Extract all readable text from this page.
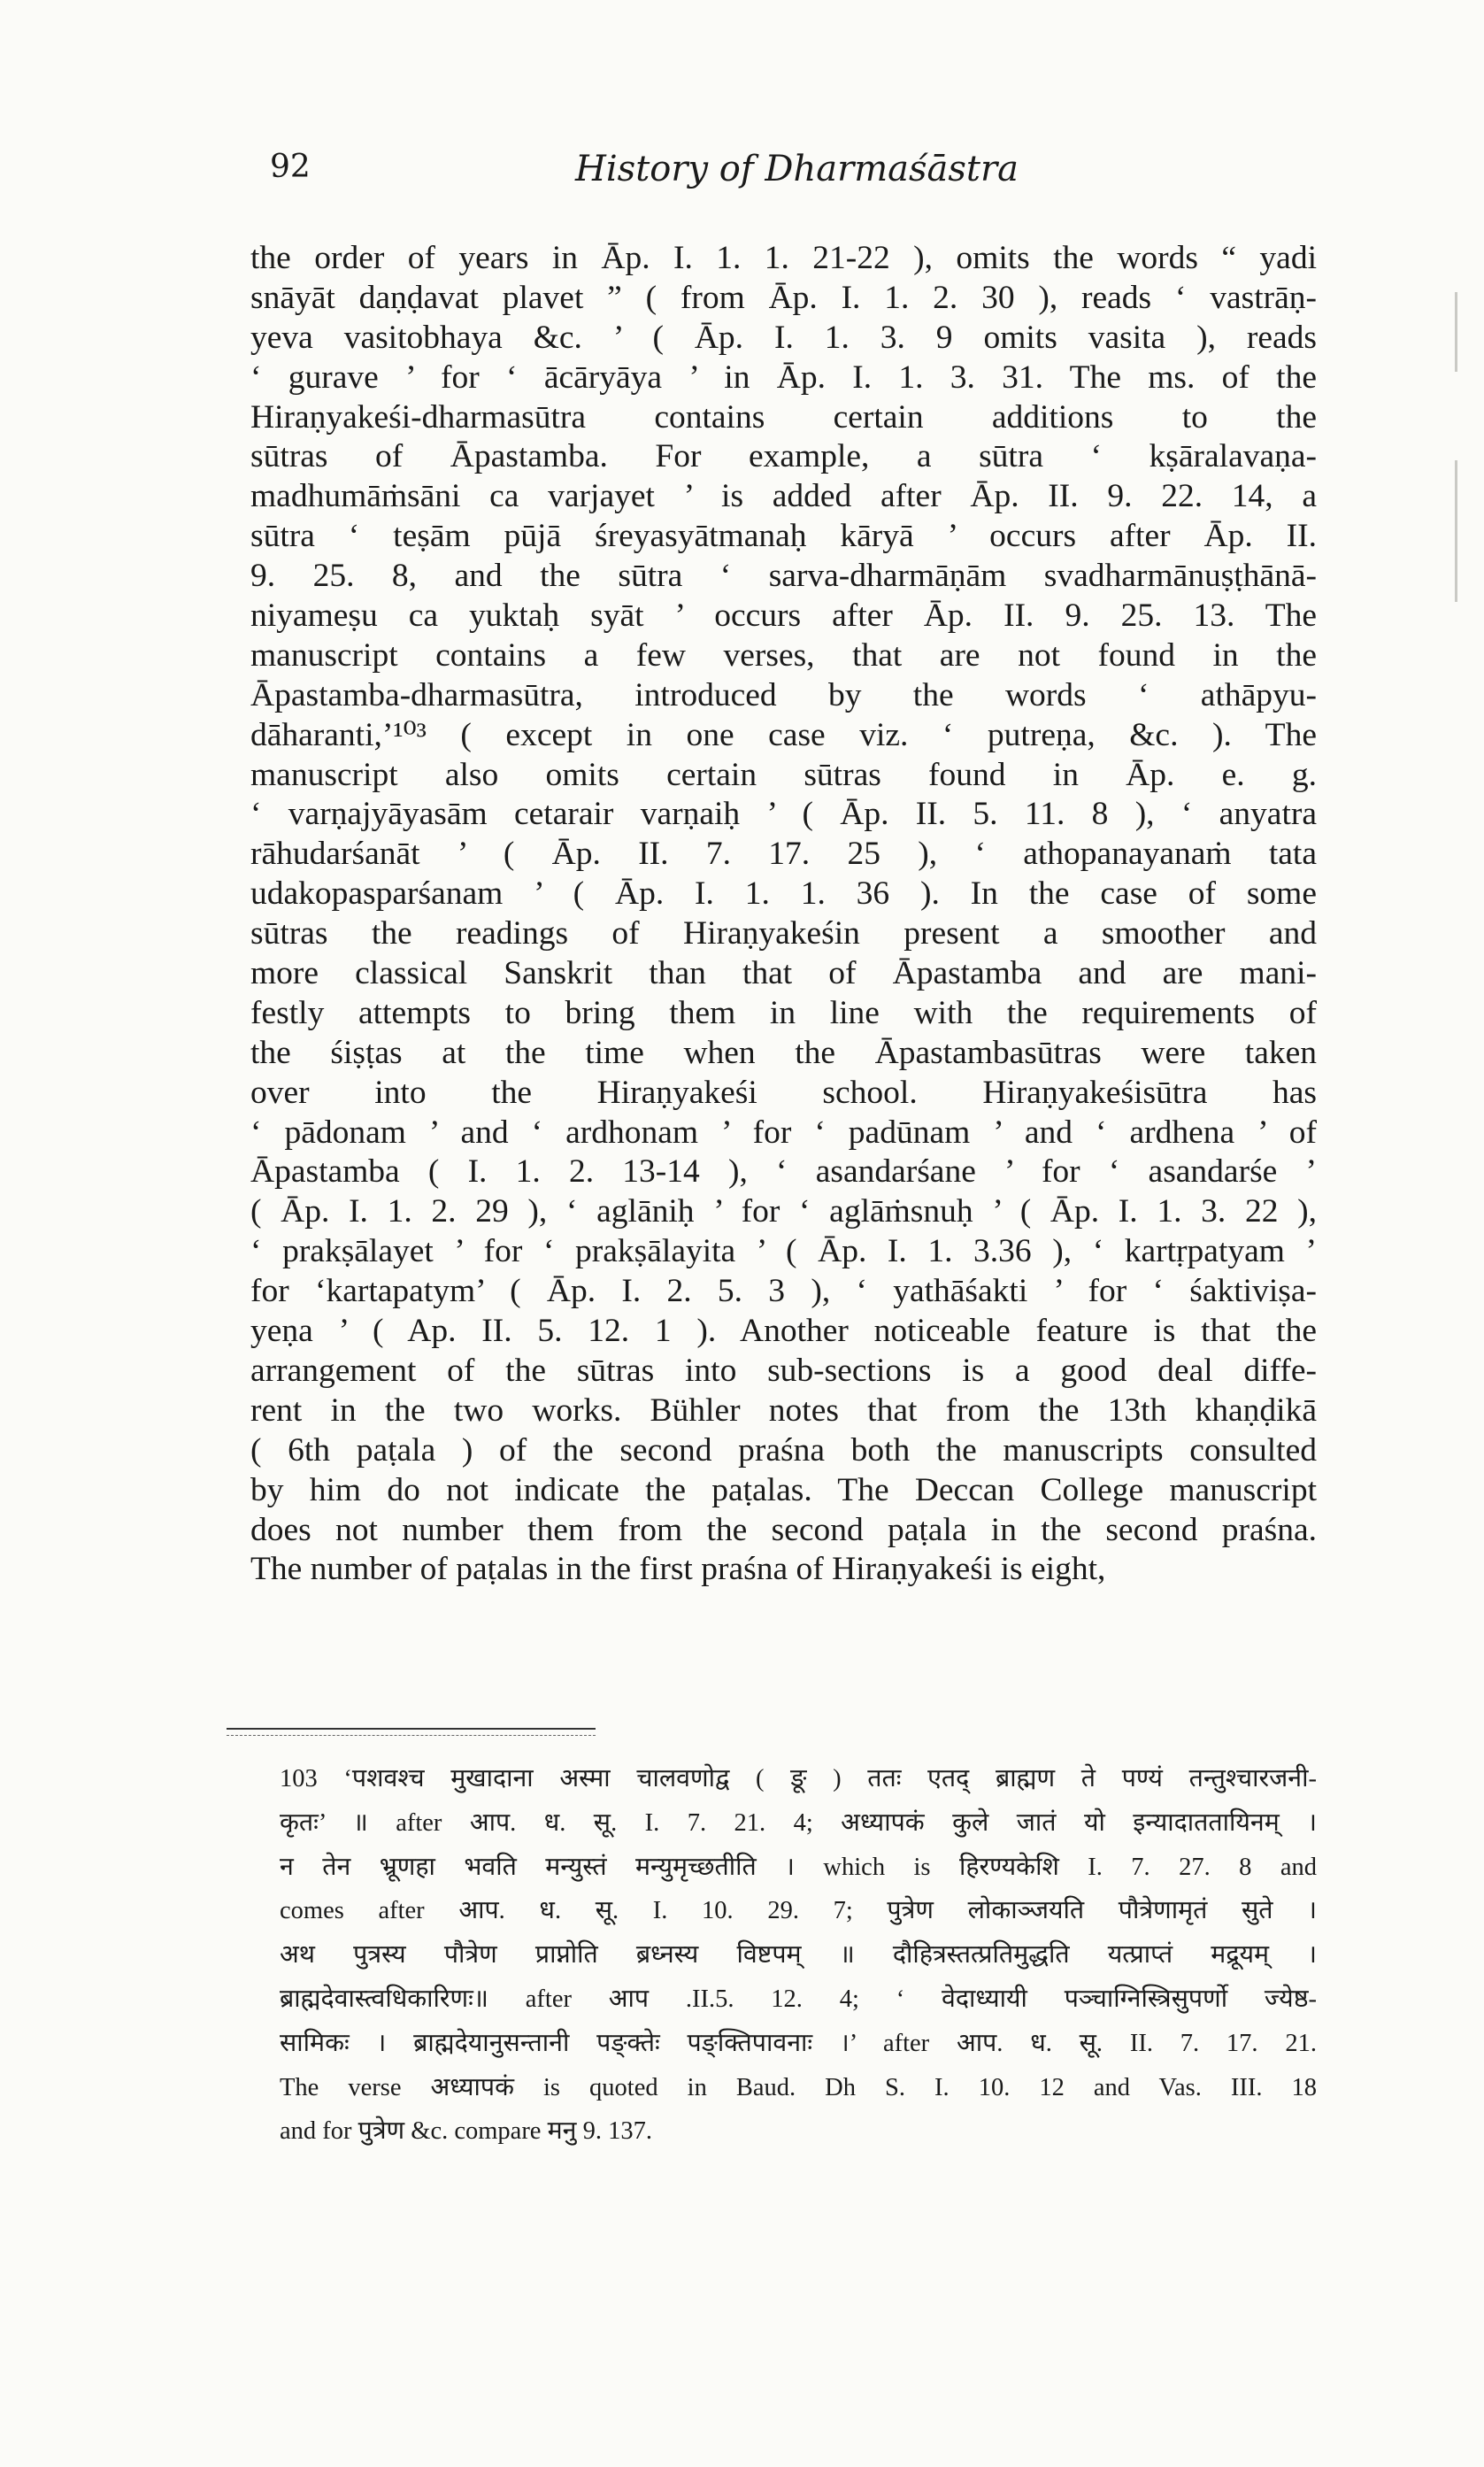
92	History of Dharmaśāstra
the order of years in Āp. I. 1. 1. 21-22 ), omits the words “ yadi
snāyāt daṇḍavat plavet ” ( from Āp. I. 1. 2. 30 ), reads ‘ vastrāṇ-
yeva vasitobhaya &c. ’ ( Āp. I. 1. 3. 9 omits vasita ), reads
‘ gurave ’ for ‘ ācāryāya ’ in Āp. I. 1. 3. 31. The ms. of the
Hiraṇyakeśi-dharmasūtra contains certain additions to the
sūtras of Āpastamba. For example, a sūtra ‘ kṣāralavaṇa-
madhumāṁsāni ca varjayet ’ is added after Āp. II. 9. 22. 14, a
sūtra ‘ teṣām pūjā śreyasyātmanaḥ kāryā ’ occurs after Āp. II.
9. 25. 8, and the sūtra ‘ sarva-dharmāṇām svadharmānuṣṭhānā-
niyameṣu ca yuktaḥ syāt ’ occurs after Āp. II. 9. 25. 13. The
manuscript contains a few verses, that are not found in the
Āpastamba-dharmasūtra, introduced by the words ‘ athāpyu-
dāharanti,’¹⁰³ ( except in one case viz. ‘ putreṇa, &c. ). The
manuscript also omits certain sūtras found in Āp. e. g.
‘ varṇajyāyasām cetarair varṇaiḥ ’ ( Āp. II. 5. 11. 8 ), ‘ anyatra
rāhudarśanāt ’ ( Āp. II. 7. 17. 25 ), ‘ athopanayanaṁ tata
udakopasparśanam ’ ( Āp. I. 1. 1. 36 ). In the case of some
sūtras the readings of Hiraṇyakeśin present a smoother and
more classical Sanskrit than that of Āpastamba and are mani-
festly attempts to bring them in line with the requirements of
the śiṣṭas at the time when the Āpastambasūtras were taken
over into the Hiraṇyakeśi school. Hiraṇyakeśisūtra has
‘ pādonam ’ and ‘ ardhonam ’ for ‘ padūnam ’ and ‘ ardhena ’ of
Āpastamba ( I. 1. 2. 13-14 ), ‘ asandarśane ’ for ‘ asandarśe ’
( Āp. I. 1. 2. 29 ), ‘ aglāniḥ ’ for ‘ aglāṁsnuḥ ’ ( Āp. I. 1. 3. 22 ),
‘ prakṣālayet ’ for ‘ prakṣālayita ’ ( Āp. I. 1. 3.36 ), ‘ kartṛpatyam ’
for ‘kartapatym’ ( Āp. I. 2. 5. 3 ), ‘ yathāśakti ’ for ‘ śaktiviṣa-
yeṇa ’ ( Ap. II. 5. 12. 1 ). Another noticeable feature is that the
arrangement of the sūtras into sub-sections is a good deal diffe-
rent in the two works. Bühler notes that from the 13th khaṇḍikā
( 6th paṭala ) of the second praśna both the manuscripts consulted
by him do not indicate the paṭalas. The Deccan College manuscript
does not number them from the second paṭala in the second praśna.
The number of paṭalas in the first praśna of Hiraṇyakeśi is eight,
103 ‘पशवश्च मुखादाना अस्मा चालवणोद्व ( ङू ) ततः एतद् ब्राह्मण ते पण्यं तन्तुश्चारजनी-
कृतः’ ॥ after आप. ध. सू. I. 7. 21. 4; अध्यापकं कुले जातं यो इन्यादाततायिनम् ।
न तेन भ्रूणहा भवति मन्युस्तं मन्युमृच्छतीति । which is हिरण्यकेशि I. 7. 27. 8 and
comes after आप. ध. सू. I. 10. 29. 7; पुत्रेण लोकाञ्जयति पौत्रेणामृतं सुते ।
अथ पुत्रस्य पौत्रेण प्राप्नोति ब्रध्नस्य विष्टपम् ॥ दौहित्रस्तत्प्रतिमुद्धति यत्प्राप्तं मद्रूयम् ।
ब्राह्मदेवास्त्वधिकारिणः॥ after आप .II.5. 12. 4; ‘ वेदाध्यायी पञ्चाग्निस्त्रिसुपर्णो ज्येष्ठ-
सामिकः । ब्राह्मदेयानुसन्तानी पङ्क्तेः पङ्क्तिपावनाः ।’ after आप. ध. सू. II. 7. 17. 21.
The verse अध्यापकं is quoted in Baud. Dh S. I. 10. 12 and Vas. III. 18
and for पुत्रेण &c. compare मनु 9. 137.
